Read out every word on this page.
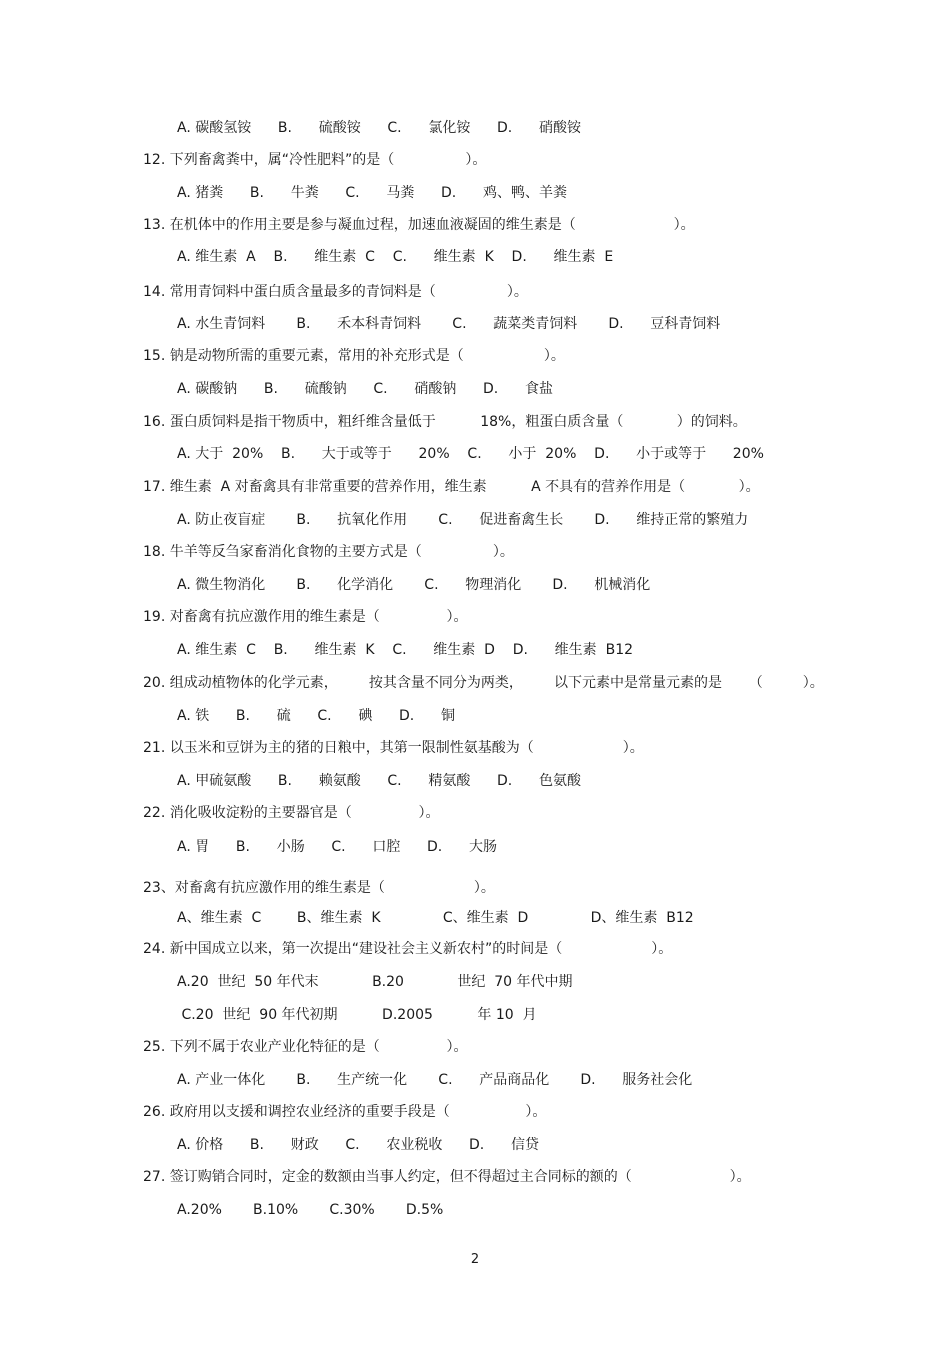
A. 碳酸氢铵      B.      硫酸铵      C.      氯化铵      D.      硝酸铵
12. 下列畜禽粪中，属“冷性肥料”的是（                ）。
A. 猪粪      B.      牛粪      C.      马粪      D.      鸡、鸭、羊粪
13. 在机体中的作用主要是参与凝血过程，加速血液凝固的维生素是（                      ）。
A. 维生素  A    B.      维生素  C    C.      维生素  K    D.      维生素  E
14. 常用青饲料中蛋白质含量最多的青饲料是（                ）。
A. 水生青饲料       B.      禾本科青饲料       C.      蔬菜类青饲料       D.      豆科青饲料
15. 钠是动物所需的重要元素，常用的补充形式是（                  ）。
A. 碳酸钠      B.      硫酸钠      C.      硝酸钠      D.      食盐
16. 蛋白质饲料是指干物质中，粗纤维含量低于          18%，粗蛋白质含量（            ）的饲料。
A. 大于  20%    B.      大于或等于      20%    C.      小于  20%    D.      小于或等于      20%
17. 维生素  A 对畜禽具有非常重要的营养作用，维生素          A 不具有的营养作用是（            ）。
A. 防止夜盲症       B.      抗氧化作用       C.      促进畜禽生长       D.      维持正常的繁殖力
18. 牛羊等反刍家畜消化食物的主要方式是（                ）。
A. 微生物消化       B.      化学消化       C.      物理消化       D.      机械消化
19. 对畜禽有抗应激作用的维生素是（               ）。
A. 维生素  C    B.      维生素  K    C.      维生素  D    D.      维生素  B12
20. 组成动植物体的化学元素，       按其含量不同分为两类，       以下元素中是常量元素的是      （         ）。
A. 铁      B.      硫      C.      碘      D.      铜
21. 以玉米和豆饼为主的猪的日粮中，其第一限制性氨基酸为（                    ）。
A. 甲硫氨酸      B.      赖氨酸      C.      精氨酸      D.      色氨酸
22. 消化吸收淀粉的主要器官是（               ）。
A. 胃      B.      小肠      C.      口腔      D.      大肠
23、对畜禽有抗应激作用的维生素是（                    ）。
A、维生素  C        B、维生素  K              C、维生素  D              D、维生素  B12
24. 新中国成立以来，第一次提出“建设社会主义新农村”的时间是（                    ）。
A.20  世纪  50 年代末            B.20            世纪  70 年代中期
C.20  世纪  90 年代初期          D.2005          年 10  月
25. 下列不属于农业产业化特征的是（               ）。
A. 产业一体化       B.      生产统一化       C.      产品商品化       D.      服务社会化
26. 政府用以支援和调控农业经济的重要手段是（                 ）。
A. 价格      B.      财政      C.      农业税收      D.      信贷
27. 签订购销合同时，定金的数额由当事人约定，但不得超过主合同标的额的（                      ）。
A.20%       B.10%       C.30%       D.5%
2
